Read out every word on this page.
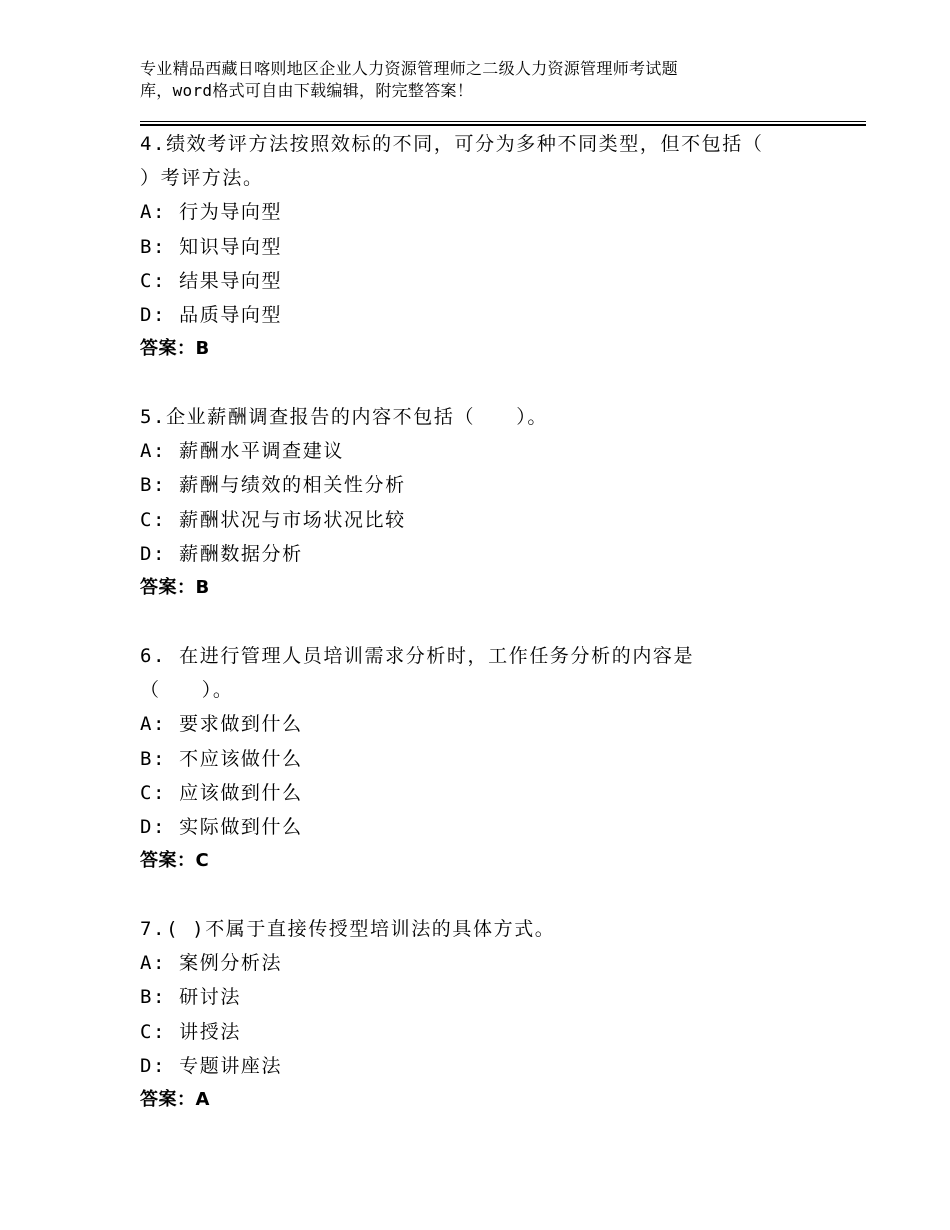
专业精品西藏日喀则地区企业人力资源管理师之二级人力资源管理师考试题
库，word格式可自由下载编辑，附完整答案！
4.绩效考评方法按照效标的不同，可分为多种不同类型，但不包括（
）考评方法。
A: 行为导向型
B: 知识导向型
C: 结果导向型
D: 品质导向型
答案：B
5.企业薪酬调查报告的内容不包括（　　）。
A: 薪酬水平调查建议
B: 薪酬与绩效的相关性分析
C: 薪酬状况与市场状况比较
D: 薪酬数据分析
答案：B
6. 在进行管理人员培训需求分析时，工作任务分析的内容是
（　　）。
A: 要求做到什么
B: 不应该做什么
C: 应该做到什么
D: 实际做到什么
答案：C
7.( )不属于直接传授型培训法的具体方式。
A: 案例分析法
B: 研讨法
C: 讲授法
D: 专题讲座法
答案：A
